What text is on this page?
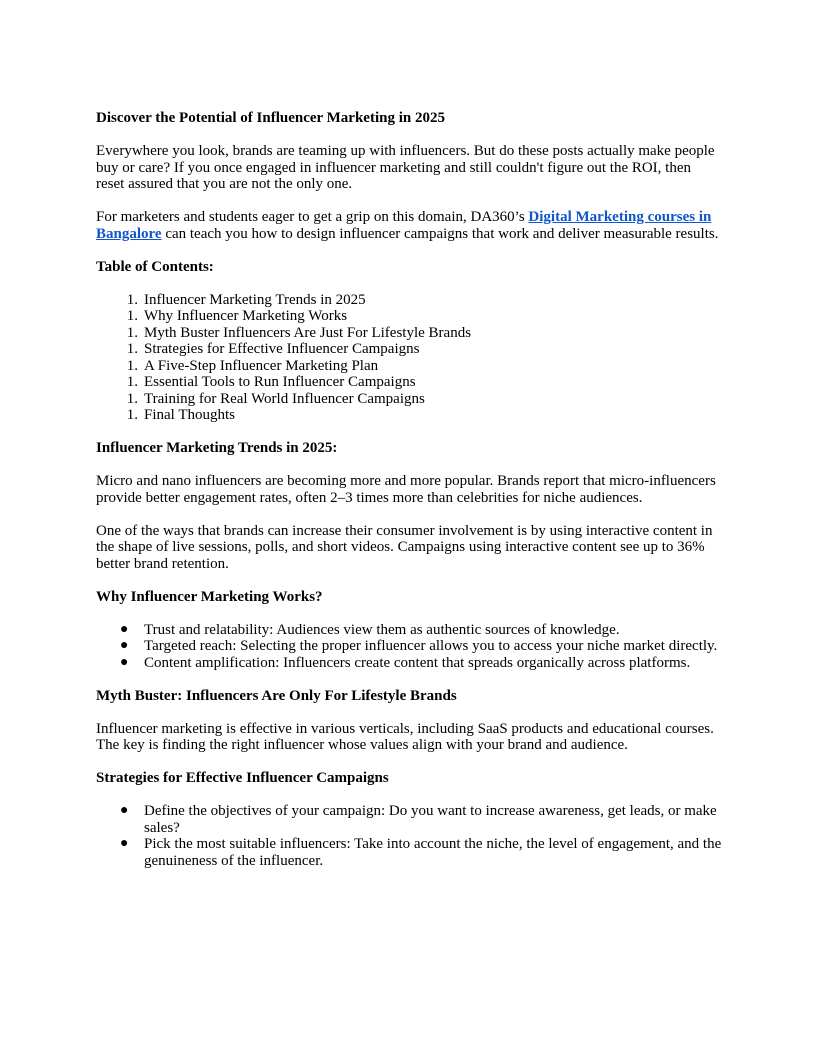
Discover the Potential of Influencer Marketing in 2025

Everywhere you look, brands are teaming up with influencers. But do these posts actually make people buy or care? If you once engaged in influencer marketing and still couldn't figure out the ROI, then reset assured that you are not the only one.

For marketers and students eager to get a grip on this domain, DA360’s Digital Marketing courses in Bangalore can teach you how to design influencer campaigns that work and deliver measurable results.

Table of Contents:
1. Influencer Marketing Trends in 2025
1. Why Influencer Marketing Works
1. Myth Buster Influencers Are Just For Lifestyle Brands
1. Strategies for Effective Influencer Campaigns
1. A Five-Step Influencer Marketing Plan
1. Essential Tools to Run Influencer Campaigns
1. Training for Real World Influencer Campaigns
1. Final Thoughts
Influencer Marketing Trends in 2025:

Micro and nano influencers are becoming more and more popular. Brands report that micro-influencers provide better engagement rates, often 2–3 times more than celebrities for niche audiences.

One of the ways that brands can increase their consumer involvement is by using interactive content in the shape of live sessions, polls, and short videos. Campaigns using interactive content see up to 36% better brand retention.

Why Influencer Marketing Works?
● Trust and relatability: Audiences view them as authentic sources of knowledge.
● Targeted reach: Selecting the proper influencer allows you to access your niche market directly.
● Content amplification: Influencers create content that spreads organically across platforms.
Myth Buster: Influencers Are Only For Lifestyle Brands

Influencer marketing is effective in various verticals, including SaaS products and educational courses. The key is finding the right influencer whose values align with your brand and audience.

Strategies for Effective Influencer Campaigns
● Define the objectives of your campaign: Do you want to increase awareness, get leads, or make sales?
● Pick the most suitable influencers: Take into account the niche, the level of engagement, and the genuineness of the influencer.
